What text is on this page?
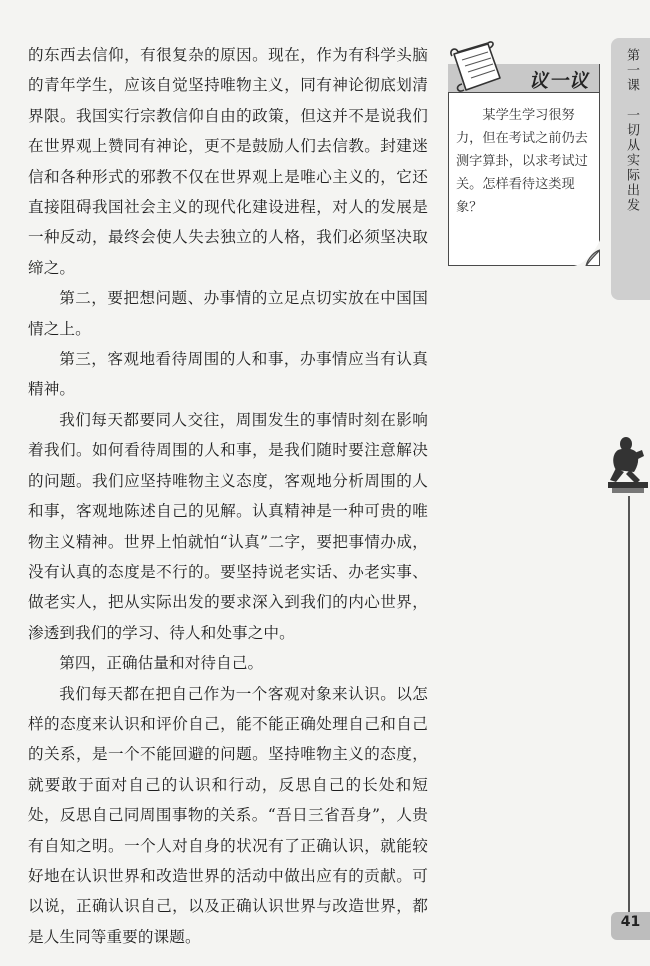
的东西去信仰，有很复杂的原因。现在，作为有科学头脑的青年学生，应该自觉坚持唯物主义，同有神论彻底划清界限。我国实行宗教信仰自由的政策，但这并不是说我们在世界观上赞同有神论，更不是鼓励人们去信教。封建迷信和各种形式的邪教不仅在世界观上是唯心主义的，它还直接阻碍我国社会主义的现代化建设进程，对人的发展是一种反动，最终会使人失去独立的人格，我们必须坚决取缔之。

第二，要把想问题、办事情的立足点切实放在中国国情之上。

第三，客观地看待周围的人和事，办事情应当有认真精神。

我们每天都要同人交往，周围发生的事情时刻在影响着我们。如何看待周围的人和事，是我们随时要注意解决的问题。我们应坚持唯物主义态度，客观地分析周围的人和事，客观地陈述自己的见解。认真精神是一种可贵的唯物主义精神。世界上怕就怕“认真”二字，要把事情办成，没有认真的态度是不行的。要坚持说老实话、办老实事、做老实人，把从实际出发的要求深入到我们的内心世界，渗透到我们的学习、待人和处事之中。

第四，正确估量和对待自己。

我们每天都在把自己作为一个客观对象来认识。以怎样的态度来认识和评价自己，能不能正确处理自己和自己的关系，是一个不能回避的问题。坚持唯物主义的态度，就要敢于面对自己的认识和行动，反思自己的长处和短处，反思自己同周围事物的关系。“吾日三省吾身”，人贵有自知之明。一个人对自身的状况有了正确认识，就能较好地在认识世界和改造世界的活动中做出应有的贡献。可以说，正确认识自己，以及正确认识世界与改造世界，都是人生同等重要的课题。

议一议
某学生学习很努力，但在考试之前仍去测字算卦，以求考试过关。怎样看待这类现象？	第一课　一切从实际出发
41
